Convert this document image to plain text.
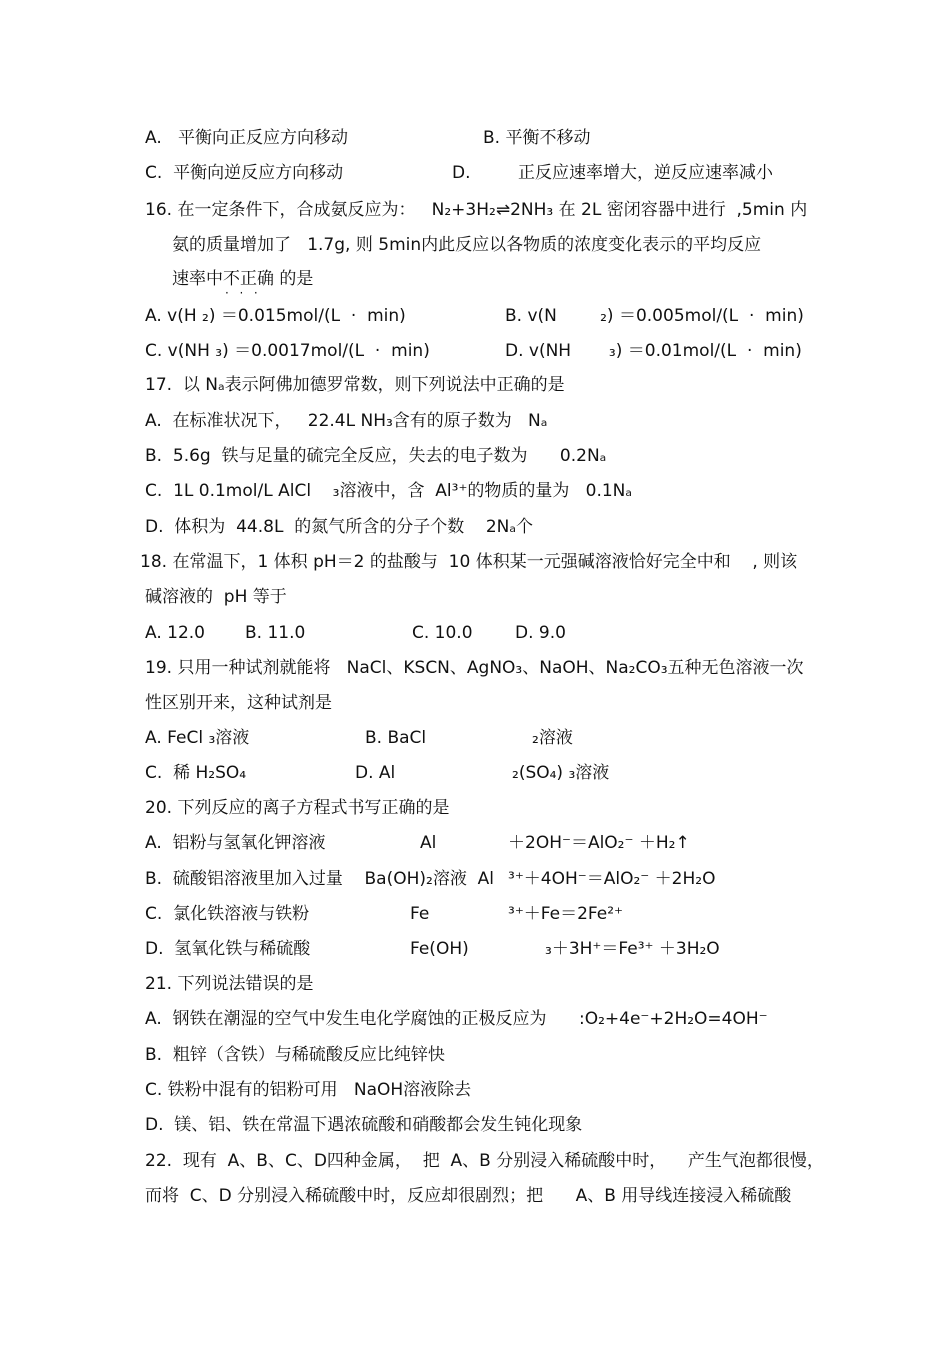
A.   平衡向正反应方向移动

	B. 平衡不移动

C.  平衡向逆反应方向移动

	D.

	正反应速率增大，逆反应速率减小

16. 在一定条件下，合成氨反应为：   N₂+3H₂⇌2NH₃ 在 2L 密闭容器中进行  ,5min 内

氨的质量增加了   1.7g, 则 5min内此反应以各物质的浓度变化表示的平均反应

速率中不正确 ·  ·  · 的是

A. v(H ₂) ＝0.015mol/(L  ·  min)

	B. v(N        ₂) ＝0.005mol/(L  ·  min)

C. v(NH ₃) ＝0.0017mol/(L  ·  min)

	D. v(NH       ₃) ＝0.01mol/(L  ·  min)

17.  以 Nₐ表示阿佛加德罗常数，则下列说法中正确的是

A.  在标准状况下，   22.4L NH₃含有的原子数为   Nₐ

B.  5.6g  铁与足量的硫完全反应，失去的电子数为      0.2Nₐ

C.  1L 0.1mol/L AlCl    ₃溶液中，含  Al³⁺的物质的量为   0.1Nₐ

D.  体积为  44.8L  的氮气所含的分子个数    2Nₐ个

18. 在常温下，1 体积 pH＝2 的盐酸与  10 体积某一元强碱溶液恰好完全中和    , 则该

碱溶液的  pH 等于

A. 12.0

B. 11.0

	C. 10.0

D. 9.0

19. 只用一种试剂就能将   NaCl、KSCN、AgNO₃、NaOH、Na₂CO₃五种无色溶液一次

性区别开来，这种试剂是

A. FeCl ₃溶液

	B. BaCl

	₂溶液

C.  稀 H₂SO₄

	D. Al

	₂(SO₄) ₃溶液

20. 下列反应的离子方程式书写正确的是

A.  铝粉与氢氧化钾溶液

	Al

	＋2OH⁻＝AlO₂⁻ ＋H₂↑

B.  硫酸铝溶液里加入过量    Ba(OH)₂溶液  Al

³⁺＋4OH⁻＝AlO₂⁻ ＋2H₂O

C.  氯化铁溶液与铁粉

	Fe

	³⁺＋Fe＝2Fe²⁺

D.  氢氧化铁与稀硫酸

	Fe(OH)

	₃＋3H⁺＝Fe³⁺ ＋3H₂O

21. 下列说法错误的是

A.  钢铁在潮湿的空气中发生电化学腐蚀的正极反应为      :O₂+4e⁻+2H₂O=4OH⁻

B.  粗锌（含铁）与稀硫酸反应比纯锌快

C. 铁粉中混有的铝粉可用   NaOH溶液除去

D.  镁、铝、铁在常温下遇浓硫酸和硝酸都会发生钝化现象

22.  现有  A、B、C、D四种金属，  把  A、B 分别浸入稀硫酸中时，    产生气泡都很慢，

而将  C、D 分别浸入稀硫酸中时，反应却很剧烈；把      A、B 用导线连接浸入稀硫酸
